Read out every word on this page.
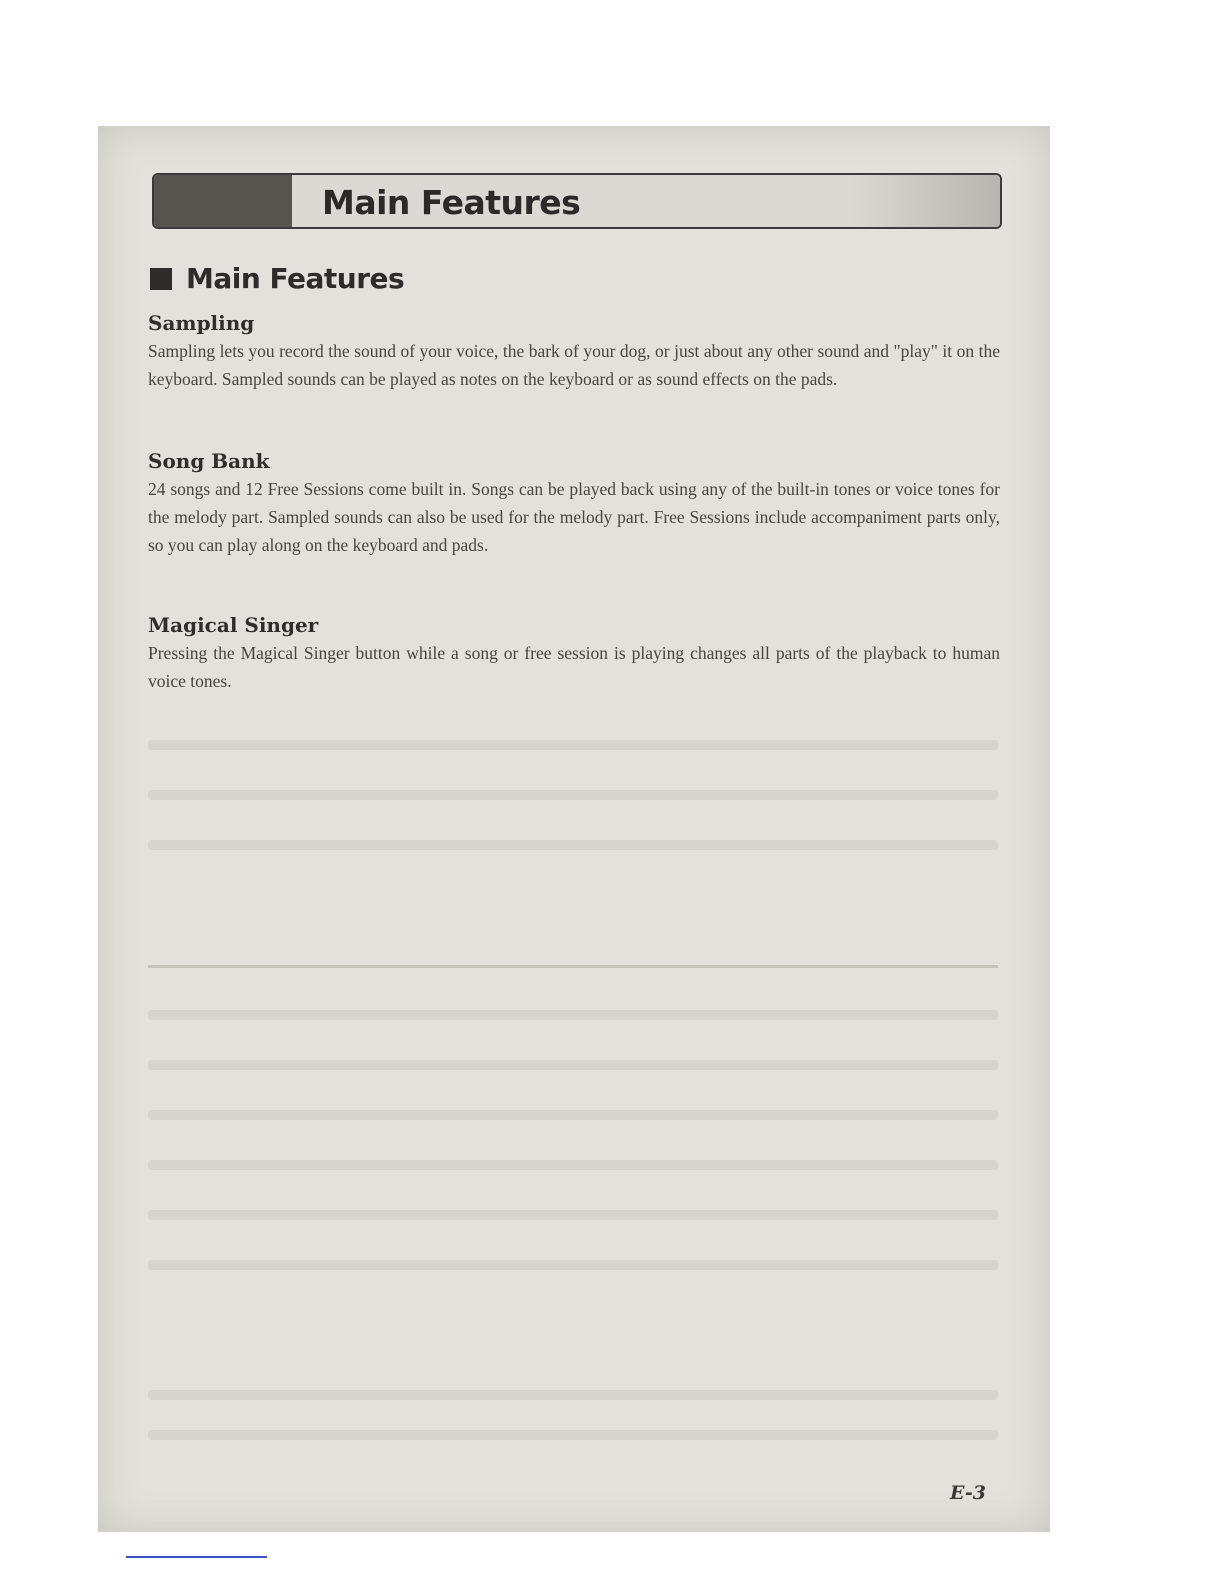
Main Features
Main Features
Sampling

Sampling lets you record the sound of your voice, the bark of your dog, or just about any other sound and "play" it on the keyboard. Sampled sounds can be played as notes on the keyboard or as sound effects on the pads.

Song Bank

24 songs and 12 Free Sessions come built in. Songs can be played back using any of the built-in tones or voice tones for the melody part. Sampled sounds can also be used for the melody part. Free Sessions include accompaniment parts only, so you can play along on the keyboard and pads.

Magical Singer

Pressing the Magical Singer button while a song or free session is playing changes all parts of the playback to human voice tones.

E-3
